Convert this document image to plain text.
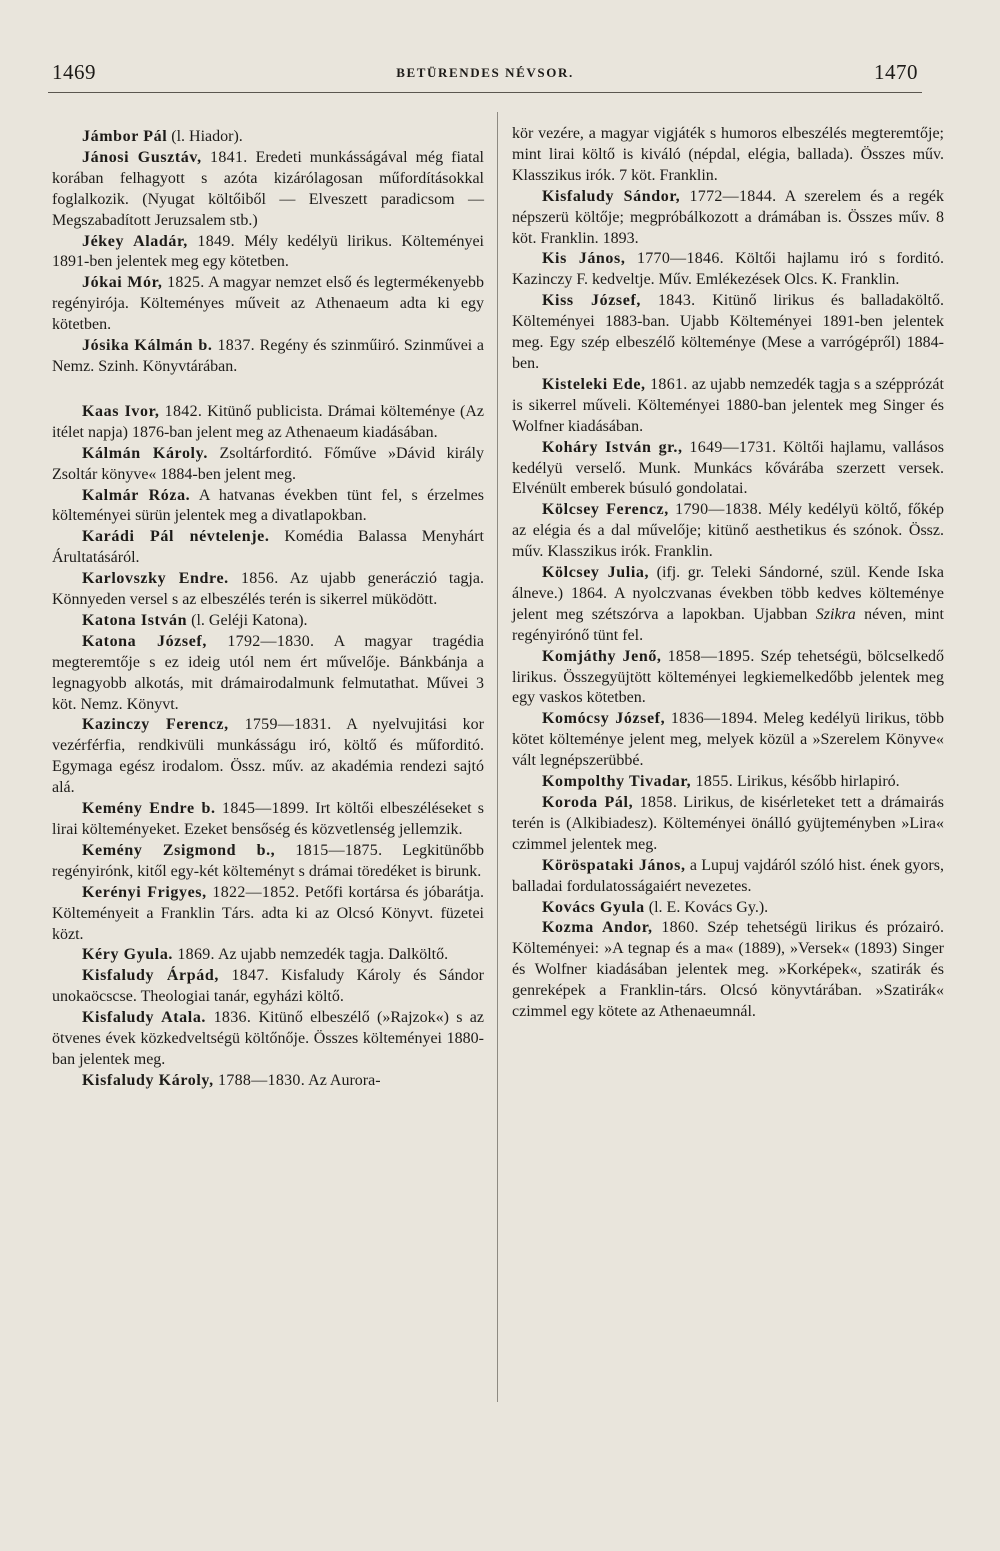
1469	BETÜRENDES NÉVSOR.	1470

Jámbor Pál (l. Hiador).

Jánosi Gusztáv, 1841. Eredeti munkásságával még fiatal korában felhagyott s azóta kizárólagosan műfordításokkal foglalkozik. (Nyugat költőiből — Elveszett paradicsom — Megszabadított Jeruzsalem stb.)

Jékey Aladár, 1849. Mély kedélyü lirikus. Költeményei 1891-ben jelentek meg egy kötetben.

Jókai Mór, 1825. A magyar nemzet első és legtermékenyebb regényirója. Költeményes műveit az Athenaeum adta ki egy kötetben.

Jósika Kálmán b. 1837. Regény és szinműiró. Szinművei a Nemz. Szinh. Könyvtárában.

Kaas Ivor, 1842. Kitünő publicista. Drámai költeménye (Az itélet napja) 1876-ban jelent meg az Athenaeum kiadásában.

Kálmán Károly. Zsoltárforditó. Főműve »Dávid király Zsoltár könyve« 1884-ben jelent meg.

Kalmár Róza. A hatvanas években tünt fel, s érzelmes költeményei sürün jelentek meg a divatlapokban.

Karádi Pál névtelenje. Komédia Balassa Menyhárt Árultatásáról.

Karlovszky Endre. 1856. Az ujabb generáczió tagja. Könnyeden versel s az elbeszélés terén is sikerrel müködött.

Katona István (l. Geléji Katona).

Katona József, 1792—1830. A magyar tragédia megteremtője s ez ideig utól nem ért művelője. Bánkbánja a legnagyobb alkotás, mit drámairodalmunk felmutathat. Művei 3 köt. Nemz. Könyvt.

Kazinczy Ferencz, 1759—1831. A nyelvujitási kor vezérférfia, rendkivüli munkásságu iró, költő és műforditó. Egymaga egész irodalom. Össz. műv. az akadémia rendezi sajtó alá.

Kemény Endre b. 1845—1899. Irt költői elbeszéléseket s lirai költeményeket. Ezeket bensőség és közvetlenség jellemzik.

Kemény Zsigmond b., 1815—1875. Legkitünőbb regényirónk, kitől egy-két költeményt s drámai töredéket is birunk.

Kerényi Frigyes, 1822—1852. Petőfi kortársa és jóbarátja. Költeményeit a Franklin Társ. adta ki az Olcsó Könyvt. füzetei közt.

Kéry Gyula. 1869. Az ujabb nemzedék tagja. Dalköltő.

Kisfaludy Árpád, 1847. Kisfaludy Károly és Sándor unokaöcscse. Theologiai tanár, egyházi költő.

Kisfaludy Atala. 1836. Kitünő elbeszélő (»Rajzok«) s az ötvenes évek közkedveltségü költőnője. Összes költeményei 1880-ban jelentek meg.

Kisfaludy Károly, 1788—1830. Az Aurora-

kör vezére, a magyar vigjáték s humoros elbeszélés megteremtője; mint lirai költő is kiváló (népdal, elégia, ballada). Összes műv. Klasszikus irók. 7 köt. Franklin.

Kisfaludy Sándor, 1772—1844. A szerelem és a regék népszerü költője; megpróbálkozott a drámában is. Összes műv. 8 köt. Franklin. 1893.

Kis János, 1770—1846. Költői hajlamu iró s forditó. Kazinczy F. kedveltje. Műv. Emlékezések Olcs. K. Franklin.

Kiss József, 1843. Kitünő lirikus és balladaköltő. Költeményei 1883-ban. Ujabb Költeményei 1891-ben jelentek meg. Egy szép elbeszélő költeménye (Mese a varrógépről) 1884-ben.

Kisteleki Ede, 1861. az ujabb nemzedék tagja s a szépprózát is sikerrel műveli. Költeményei 1880-ban jelentek meg Singer és Wolfner kiadásában.

Koháry István gr., 1649—1731. Költői hajlamu, vallásos kedélyü verselő. Munk. Munkács kővárába szerzett versek. Elvénült emberek búsuló gondolatai.

Kölcsey Ferencz, 1790—1838. Mély kedélyü költő, főkép az elégia és a dal művelője; kitünő aesthetikus és szónok. Össz. műv. Klasszikus irók. Franklin.

Kölcsey Julia, (ifj. gr. Teleki Sándorné, szül. Kende Iska álneve.) 1864. A nyolczvanas években több kedves költeménye jelent meg szétszórva a lapokban. Ujabban Szikra néven, mint regényirónő tünt fel.

Komjáthy Jenő, 1858—1895. Szép tehetségü, bölcselkedő lirikus. Összegyüjtött költeményei legkiemelkedőbb jelentek meg egy vaskos kötetben.

Komócsy József, 1836—1894. Meleg kedélyü lirikus, több kötet költeménye jelent meg, melyek közül a »Szerelem Könyve« vált legnépszerübbé.

Kompolthy Tivadar, 1855. Lirikus, később hirlapiró.

Koroda Pál, 1858. Lirikus, de kisérleteket tett a drámairás terén is (Alkibiadesz). Költeményei önálló gyüjteményben »Lira« czimmel jelentek meg.

Köröspataki János, a Lupuj vajdáról szóló hist. ének gyors, balladai fordulatosságaiért nevezetes.

Kovács Gyula (l. E. Kovács Gy.).

Kozma Andor, 1860. Szép tehetségü lirikus és prózairó. Költeményei: »A tegnap és a ma« (1889), »Versek« (1893) Singer és Wolfner kiadásában jelentek meg. »Korképek«, szatirák és genreképek a Franklin-társ. Olcsó könyvtárában. »Szatirák« czimmel egy kötete az Athenaeumnál.
